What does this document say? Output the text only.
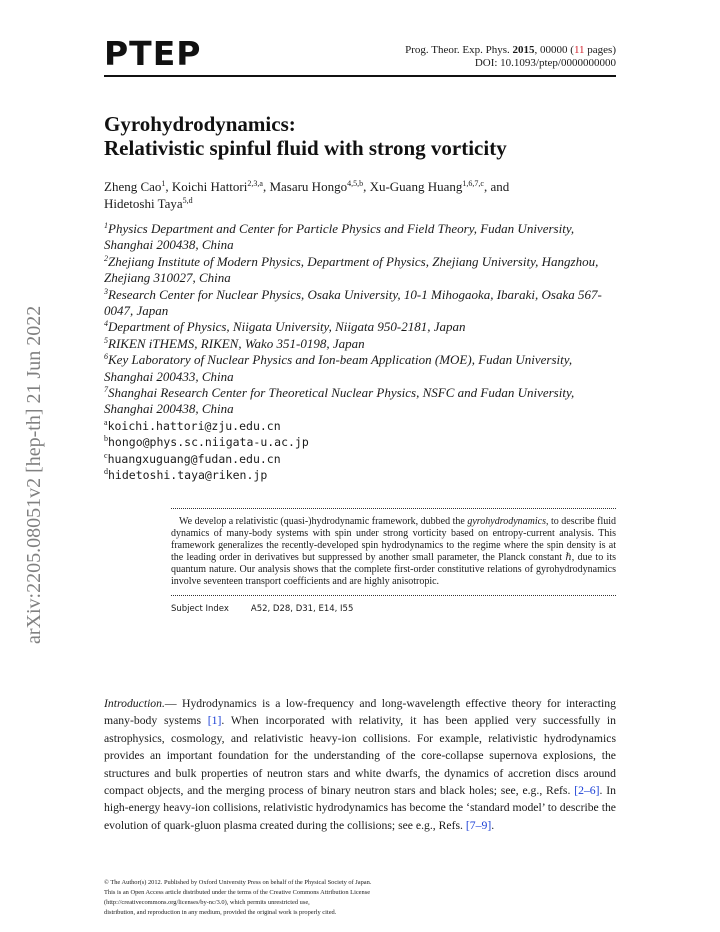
PTEP	Prog. Theor. Exp. Phys. 2015, 00000 (11 pages)
DOI: 10.1093/ptep/0000000000
Gyrohydrodynamics:
Relativistic spinful fluid with strong vorticity
Zheng Cao$^1$, Koichi Hattori$^{2,3,a}$, Masaru Hongo$^{4,5,b}$, Xu-Guang Huang$^{1,6,7,c}$, and
Hidetoshi Taya$^{5,d}$
$^1$Physics Department and Center for Particle Physics and Field Theory, Fudan University, Shanghai 200438, China
$^2$Zhejiang Institute of Modern Physics, Department of Physics, Zhejiang University, Hangzhou, Zhejiang 310027, China
$^3$Research Center for Nuclear Physics, Osaka University, 10-1 Mihogaoka, Ibaraki, Osaka 567-0047, Japan
$^4$Department of Physics, Niigata University, Niigata 950-2181, Japan
$^5$RIKEN iTHEMS, RIKEN, Wako 351-0198, Japan
$^6$Key Laboratory of Nuclear Physics and Ion-beam Application (MOE), Fudan University, Shanghai 200433, China
$^7$Shanghai Research Center for Theoretical Nuclear Physics, NSFC and Fudan University, Shanghai 200438, China
$^a$koichi.hattori@zju.edu.cn
$^b$hongo@phys.sc.niigata-u.ac.jp
$^c$huangxuguang@fudan.edu.cn
$^d$hidetoshi.taya@riken.jp
arXiv:2205.08051v2 [hep-th] 21 Jun 2022	We develop a relativistic (quasi-)hydrodynamic framework, dubbed the gyrohydrodynamics, to describe fluid dynamics of many-body systems with spin under strong vorticity based on entropy-current analysis. This framework generalizes the recently-developed spin hydrodynamics to the regime where the spin density is at the leading order in derivatives but suppressed by another small parameter, the Planck constant ℏ, due to its quantum nature. Our analysis shows that the complete first-order constitutive relations of gyrohydrodynamics involve seventeen transport coefficients and are highly anisotropic.
Subject Index	A52, D28, D31, E14, I55
Introduction.— Hydrodynamics is a low-frequency and long-wavelength effective theory for interacting many-body systems [1]. When incorporated with relativity, it has been applied very successfully in astrophysics, cosmology, and relativistic heavy-ion collisions. For example, relativistic hydrodynamics provides an important foundation for the understanding of the core-collapse supernova explosions, the structures and bulk properties of neutron stars and white dwarfs, the dynamics of accretion discs around compact objects, and the merging process of binary neutron stars and black holes; see, e.g., Refs. [2–6]. In high-energy heavy-ion collisions, relativistic hydrodynamics has become the ‘standard model’ to describe the evolution of quark-gluon plasma created during the collisions; see e.g., Refs. [7–9].
© The Author(s) 2012. Published by Oxford University Press on behalf of the Physical Society of Japan.
This is an Open Access article distributed under the terms of the Creative Commons Attribution License
(http://creativecommons.org/licenses/by-nc/3.0), which permits unrestricted use,
distribution, and reproduction in any medium, provided the original work is properly cited.
